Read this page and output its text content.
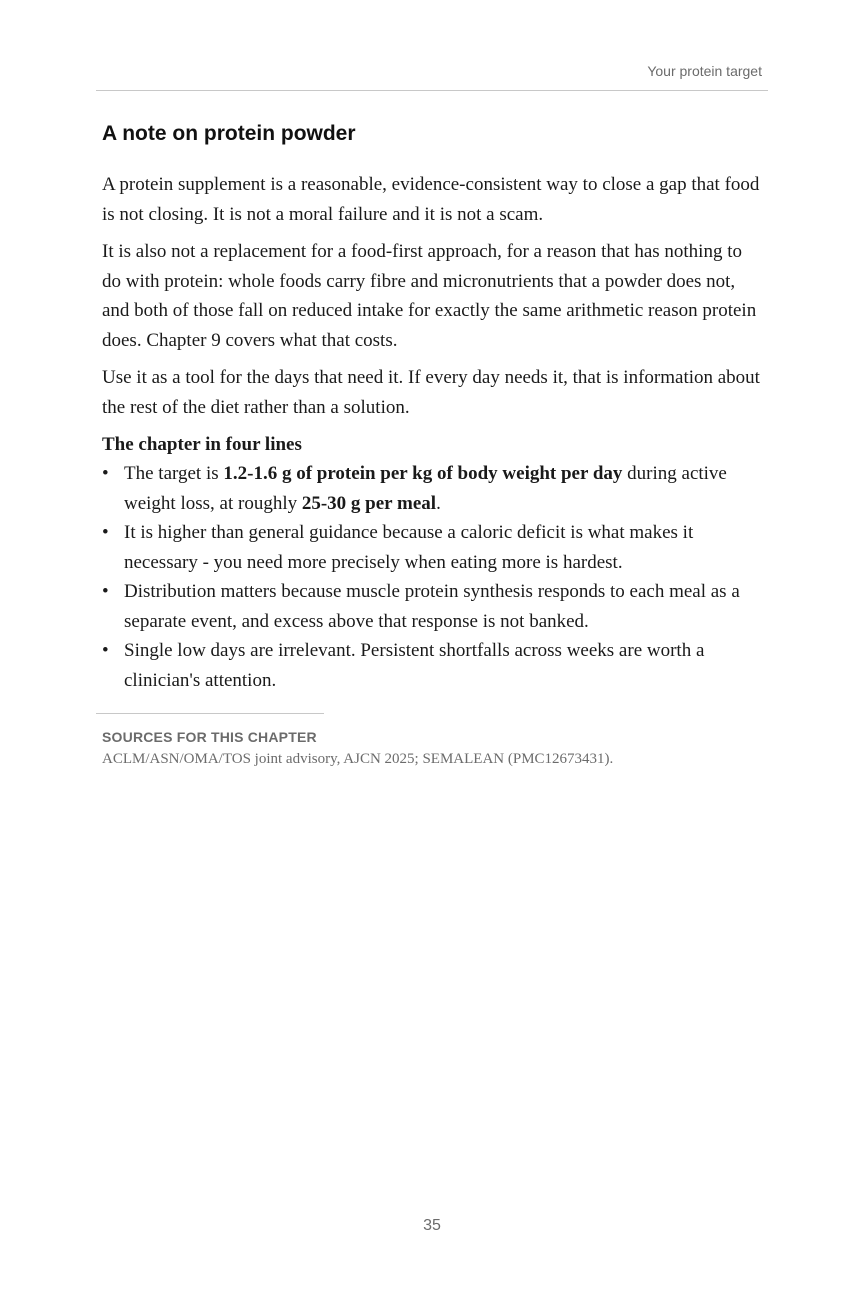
Your protein target
A note on protein powder

A protein supplement is a reasonable, evidence-consistent way to close a gap that food is not closing. It is not a moral failure and it is not a scam.

It is also not a replacement for a food-first approach, for a reason that has nothing to do with protein: whole foods carry fibre and micronutrients that a powder does not, and both of those fall on reduced intake for exactly the same arithmetic reason protein does. Chapter 9 covers what that costs.

Use it as a tool for the days that need it. If every day needs it, that is information about the rest of the diet rather than a solution.

The chapter in four lines
• The target is 1.2-1.6 g of protein per kg of body weight per day during active weight loss, at roughly 25-30 g per meal.
• It is higher than general guidance because a caloric deficit is what makes it necessary - you need more precisely when eating more is hardest.
• Distribution matters because muscle protein synthesis responds to each meal as a separate event, and excess above that response is not banked.
• Single low days are irrelevant. Persistent shortfalls across weeks are worth a clinician's attention.
SOURCES FOR THIS CHAPTER
ACLM/ASN/OMA/TOS joint advisory, AJCN 2025; SEMALEAN (PMC12673431).
35
